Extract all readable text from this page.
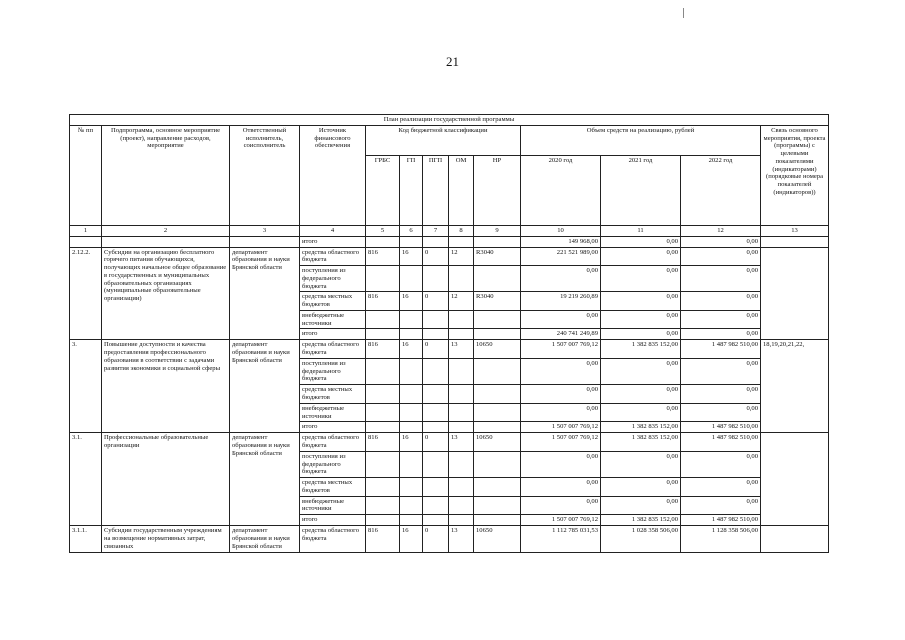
21
План реализации государственной программы												
№ пп	Подпрограмма, основное мероприятие (проект), направление расходов, мероприятие	Ответственный исполнитель, соисполнитель	Источник финансового обеспечения	Код бюджетной классификации					Объем средств на реализацию, рублей			Связь основного мероприятия, проекта (программы) с целевыми показателями (индикаторами) (порядковые номера показателей (индикаторов))
				ГРБС	ГП	ПГП	ОМ	НР	2020 год	2021 год	2022 год	
1	2	3	4	5	6	7	8	9	10	11	12	13
			итого						149 968,00	0,00	0,00	
2.12.2.	Субсидии на организацию бесплатного горячего питания обучающихся, получающих начальное общее образование в государственных и муниципальных образовательных организациях (муниципальные образовательные организации)	департамент образования и науки Брянской области	средства областного бюджета	816	16	0	12	R3040	221 521 989,00	0,00	0,00	
			поступления из федерального бюджета						0,00	0,00	0,00	
			средства местных бюджетов	816	16	0	12	R3040	19 219 260,89	0,00	0,00	
			внебюджетные источники						0,00	0,00	0,00	
			итого						240 741 249,89	0,00	0,00	
3.	Повышение доступности и качества предоставления профессионального образования в соответствии с задачами развития экономики и социальной сферы	департамент образования и науки Брянской области	средства областного бюджета	816	16	0	13	10650	1 507 007 769,12	1 382 835 152,00	1 487 982 510,00	18,19,20,21,22,
			поступления из федерального бюджета						0,00	0,00	0,00	
			средства местных бюджетов						0,00	0,00	0,00	
			внебюджетные источники						0,00	0,00	0,00	
			итого						1 507 007 769,12	1 382 835 152,00	1 487 982 510,00	
3.1.	Профессиональные образовательные организации	департамент образования и науки Брянской области	средства областного бюджета	816	16	0	13	10650	1 507 007 769,12	1 382 835 152,00	1 487 982 510,00	
			поступления из федерального бюджета						0,00	0,00	0,00	
			средства местных бюджетов						0,00	0,00	0,00	
			внебюджетные источники						0,00	0,00	0,00	
			итого						1 507 007 769,12	1 382 835 152,00	1 487 982 510,00	
3.1.1.	Субсидии государственным учреждениям на возмещение нормативных затрат, связанных	департамент образования и науки Брянской области	средства областного бюджета	816	16	0	13	10650	1 112 785 031,53	1 028 358 506,00	1 128 358 506,00	
